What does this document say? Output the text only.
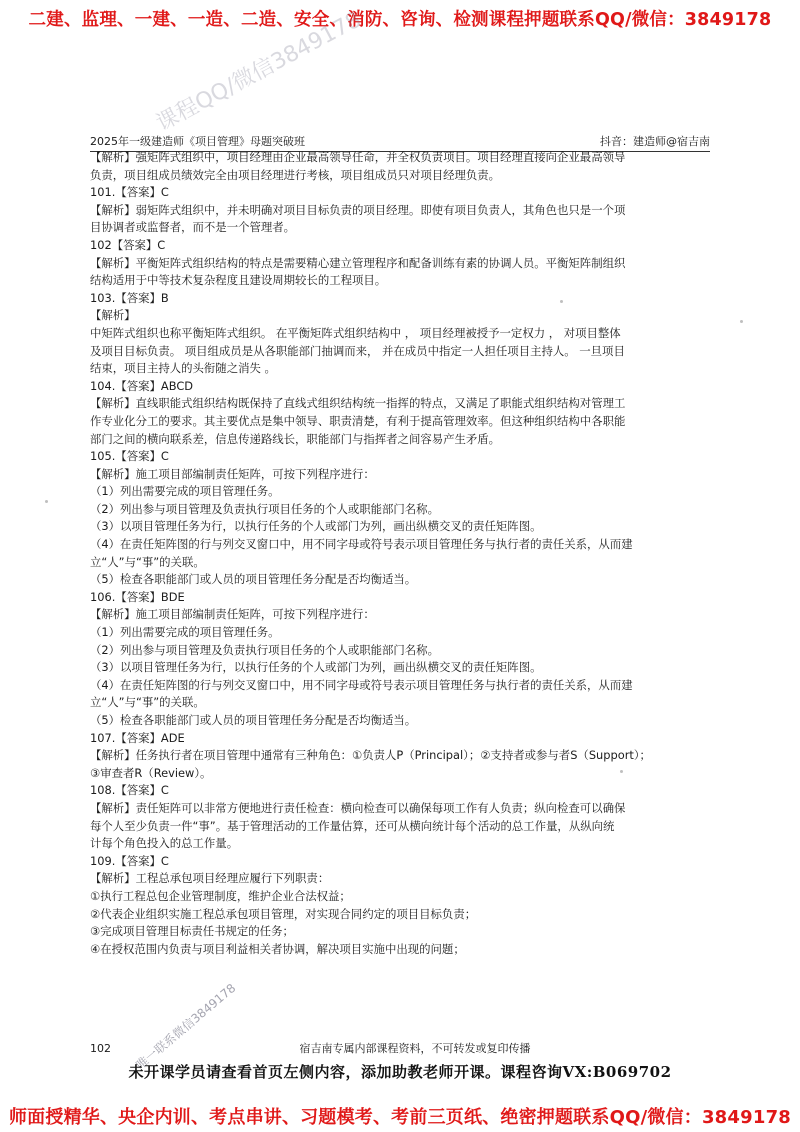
二建、监理、一建、一造、二造、安全、消防、咨询、检测课程押题联系QQ/微信：3849178
课程QQ/微信3849178
2025年一级建造师《项目管理》母题突破班	抖音：建造师@宿吉南

【解析】强矩阵式组织中，项目经理由企业最高领导任命，并全权负责项目。项目经理直接向企业最高领导

负责，项目组成员绩效完全由项目经理进行考核，项目组成员只对项目经理负责。

101.【答案】C

【解析】弱矩阵式组织中，并未明确对项目目标负责的项目经理。即使有项目负责人，其角色也只是一个项

目协调者或监督者，而不是一个管理者。

102【答案】C

【解析】平衡矩阵式组织结构的特点是需要精心建立管理程序和配备训练有素的协调人员。平衡矩阵制组织

结构适用于中等技术复杂程度且建设周期较长的工程项目。

103.【答案】B

【解析】

中矩阵式组织也称平衡矩阵式组织。 在平衡矩阵式组织结构中 ， 项目经理被授予一定权力 ， 对项目整体

及项目目标负责。 项目组成员是从各职能部门抽调而来， 并在成员中指定一人担任项目主持人。 一旦项目

结束，项目主持人的头衔随之消失 。

104.【答案】ABCD

【解析】直线职能式组织结构既保持了直线式组织结构统一指挥的特点，又满足了职能式组织结构对管理工

作专业化分工的要求。其主要优点是集中领导、职责清楚，有利于提高管理效率。但这种组织结构中各职能

部门之间的横向联系差，信息传递路线长，职能部门与指挥者之间容易产生矛盾。

105.【答案】C

【解析】施工项目部编制责任矩阵，可按下列程序进行：

（1）列出需要完成的项目管理任务。

（2）列出参与项目管理及负责执行项目任务的个人或职能部门名称。

（3）以项目管理任务为行，以执行任务的个人或部门为列，画出纵横交叉的责任矩阵图。

（4）在责任矩阵图的行与列交叉窗口中，用不同字母或符号表示项目管理任务与执行者的责任关系，从而建

立“人”与“事”的关联。

（5）检查各职能部门或人员的项目管理任务分配是否均衡适当。

106.【答案】BDE

【解析】施工项目部编制责任矩阵，可按下列程序进行：

（1）列出需要完成的项目管理任务。

（2）列出参与项目管理及负责执行项目任务的个人或职能部门名称。

（3）以项目管理任务为行，以执行任务的个人或部门为列，画出纵横交叉的责任矩阵图。

（4）在责任矩阵图的行与列交叉窗口中，用不同字母或符号表示项目管理任务与执行者的责任关系，从而建

立“人”与“事”的关联。

（5）检查各职能部门或人员的项目管理任务分配是否均衡适当。

107.【答案】ADE

【解析】任务执行者在项目管理中通常有三种角色：①负责人P（Principal）；②支持者或参与者S（Support）；

③审查者R（Review）。

108.【答案】C

【解析】责任矩阵可以非常方便地进行责任检查：横向检查可以确保每项工作有人负责；纵向检查可以确保

每个人至少负责一件“事”。基于管理活动的工作量估算，还可从横向统计每个活动的总工作量，从纵向统

计每个角色投入的总工作量。

109.【答案】C

【解析】工程总承包项目经理应履行下列职责：

①执行工程总包企业管理制度，维护企业合法权益；

②代表企业组织实施工程总承包项目管理，对实现合同约定的项目目标负责；

③完成项目管理目标责任书规定的任务；

④在授权范围内负责与项目利益相关者协调，解决项目实施中出现的问题；

102	宿吉南专属内部课程资料，不可转发或复印传播
唯一联系微信3849178
未开课学员请查看首页左侧内容，添加助教老师开课。课程咨询VX:B069702
师面授精华、央企内训、考点串讲、习题模考、考前三页纸、绝密押题联系QQ/微信：3849178
